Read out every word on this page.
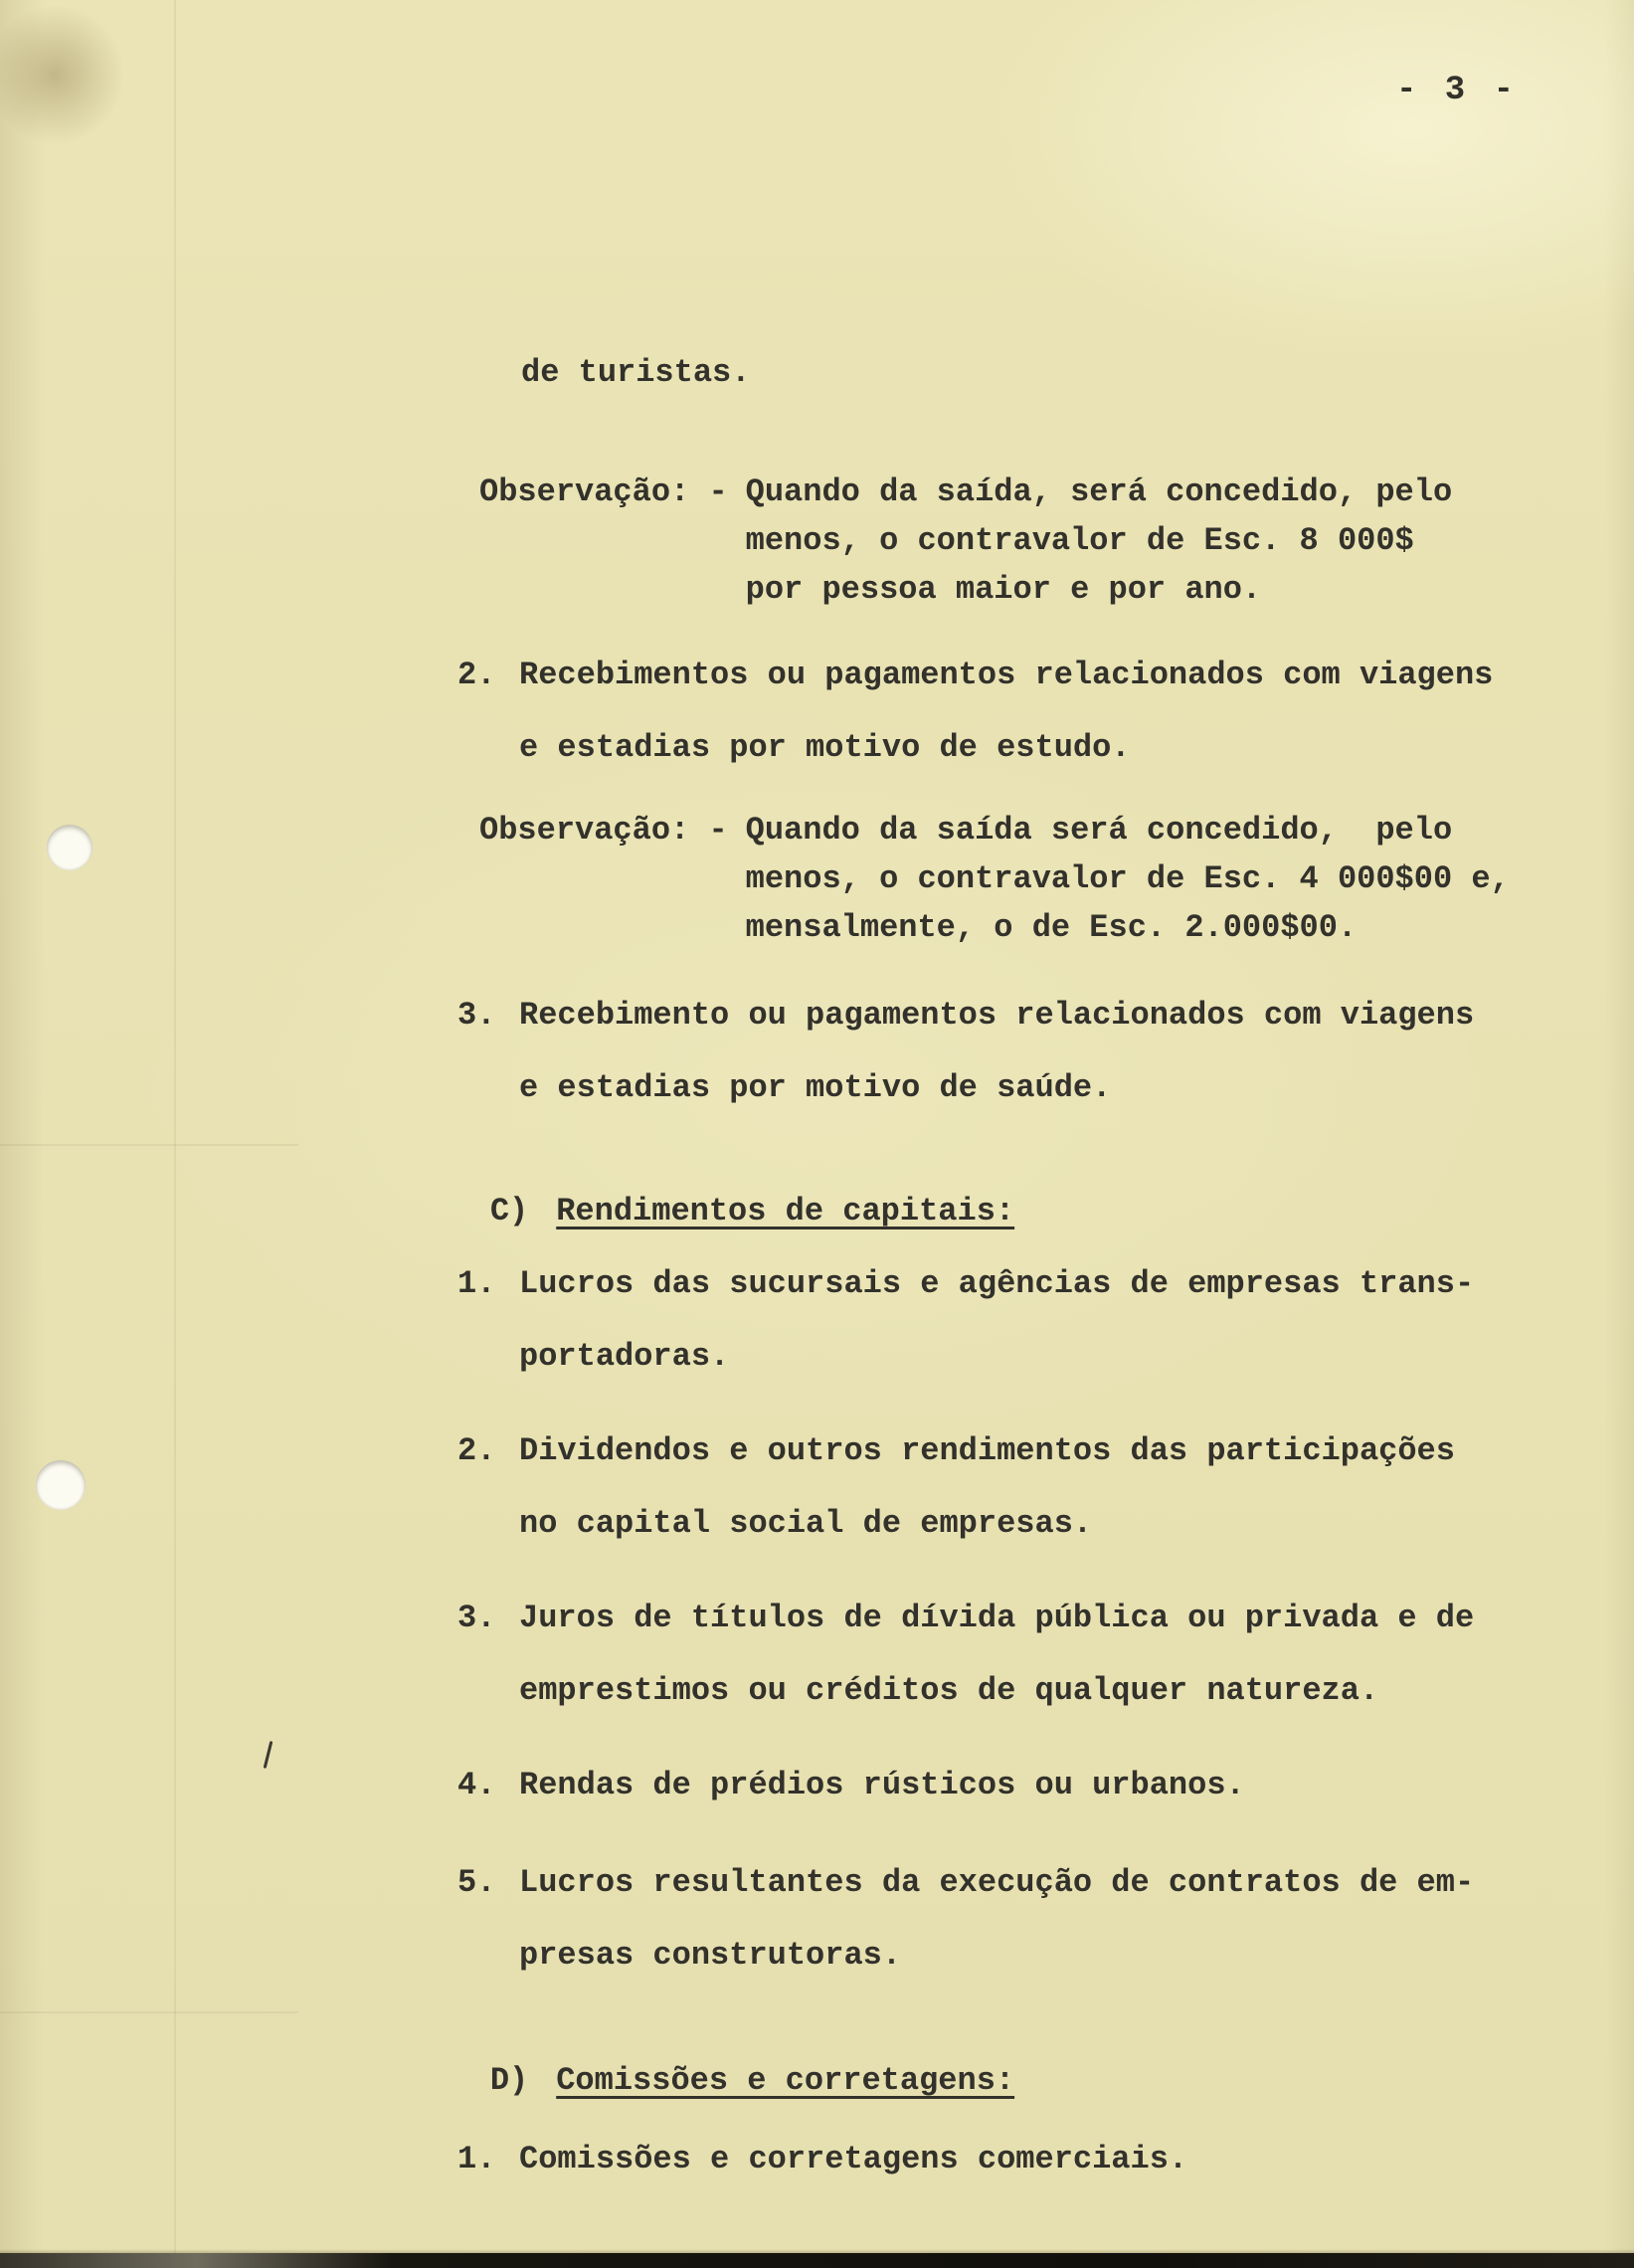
- 3 -
de turistas.
Observação: - Quando da saída, será concedido, pelo
menos, o contravalor de Esc. 8 000$
por pessoa maior e por ano.
2. Recebimentos ou pagamentos relacionados com viagens
e estadias por motivo de estudo.
Observação: - Quando da saída será concedido,  pelo
menos, o contravalor de Esc. 4 000$00 e,
mensalmente, o de Esc. 2.000$00.
3. Recebimento ou pagamentos relacionados com viagens
e estadias por motivo de saúde.

C) Rendimentos de capitais:

1. Lucros das sucursais e agências de empresas trans-
portadoras.
2. Dividendos e outros rendimentos das participações
no capital social de empresas.
3. Juros de títulos de dívida pública ou privada e de
emprestimos ou créditos de qualquer natureza.
4. Rendas de prédios rústicos ou urbanos.
5. Lucros resultantes da execução de contratos de em-
presas construtoras.

D) Comissões e corretagens:

1. Comissões e corretagens comerciais.
